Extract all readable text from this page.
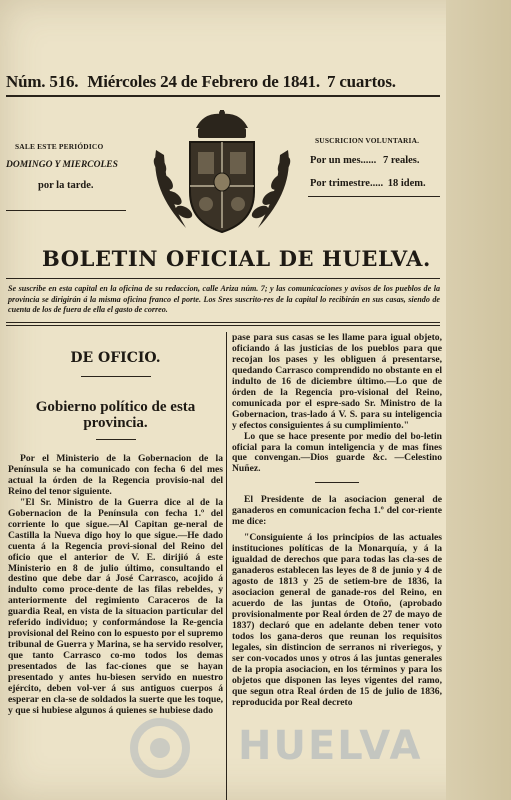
Núm. 516. Miércoles 24 de Febrero de 1841. 7 cuartos.
SALE ESTE PERIÓDICO
DOMINGO Y MIERCOLES
por la tarde.
SUSCRICION VOLUNTARIA.
Por un mes...... 7 reales.
Por trimestre..... 18 idem.
BOLETIN OFICIAL DE HUELVA.
Se suscribe en esta capital en la oficina de su redaccion, calle Ariza núm. 7; y las comunicaciones y avisos de los pueblos de la provincia se dirigirán á la misma oficina franco el porte. Los Sres suscrito-res de la capital lo recibirán en sus casas, siendo de cuenta de los de fuera de ella el gasto de correo.
DE OFICIO.
Gobierno político de esta provincia.

Por el Ministerio de la Gobernacion de la Península se ha comunicado con fecha 6 del mes actual la órden de la Regencia provisio-nal del Reino del tenor siguiente.

"El Sr. Ministro de la Guerra dice al de la Gobernacion de la Península con fecha 1.º del corriente lo que sigue.—Al Capitan ge-neral de Castilla la Nueva digo hoy lo que sigue.—He dado cuenta á la Regencia provi-sional del Reino del oficio que el anterior de V. E. dirijió á este Ministerio en 8 de julio último, consultando el destino que debe dar á José Carrasco, acojido á indulto como proce-dente de las filas rebeldes, y anteriormente del regimiento Caraceros de la guardia Real, en vista de la situacion particular del referido individuo; y conformándose la Re-gencia provisional del Reino con lo espuesto por el supremo tribunal de Guerra y Marina, se ha servido resolver, que tanto Carrasco co-mo todos los demas presentados de las fac-ciones que se hayan presentado y antes hu-biesen servido en nuestro ejército, deben vol-ver á sus antiguos cuerpos á esperar en cla-se de soldados la suerte que les toque, y que si hubiese algunos á quienes se hubiese dado

pase para sus casas se les llame para igual objeto, oficiando á las justicias de los pueblos para que recojan los pases y les obliguen á presentarse, quedando Carrasco comprendido no obstante en el indulto de 16 de diciembre último.—Lo que de órden de la Regencia pro-visional del Reino, comunicada por el espre-sado Sr. Ministro de la Gobernacion, tras-lado á V. S. para su inteligencia y efectos consiguientes á su cumplimiento."

Lo que se hace presente por medio del bo-letin oficial para la comun inteligencia y de mas fines que convengan.—Dios guarde &c. —Celestino Nuñez.

El Presidente de la asociacion general de ganaderos en comunicacion fecha 1.º del cor-riente me dice:

"Consiguiente á los principios de las actuales instituciones políticas de la Monarquía, y á la igualdad de derechos que para todas las cla-ses de ganaderos establecen las leyes de 8 de junio y 4 de agosto de 1813 y 25 de setiem-bre de 1836, la asociacion general de ganade-ros del Reino, en acuerdo de las juntas de Otoño, (aprobado provisionalmente por Real órden de 27 de mayo de 1837) declaró que en adelante deben tener voto todos los gana-deros que reunan los requisitos legales, sin distincion de serranos ni riveriegos, y ser con-vocados unos y otros á las juntas generales de la propia asociacion, en los términos y para los objetos que disponen las leyes vigentes del ramo, que segun otra Real órden de 15 de julio de 1836, reproducida por Real decreto

HUELVA
